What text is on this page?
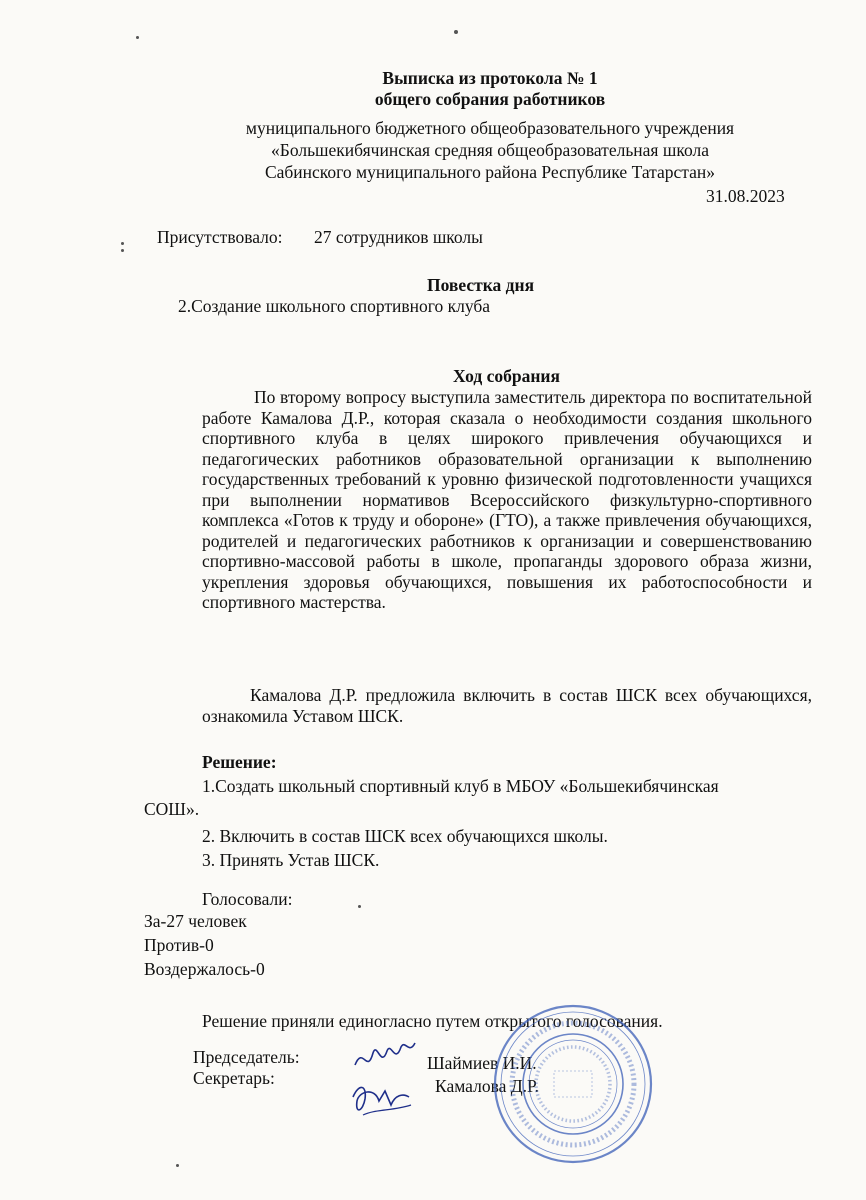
Выписка из протокола № 1
общего собрания работников
муниципального бюджетного общеобразовательного учреждения
«Большекибячинская средняя общеобразовательная школа
Сабинского муниципального района Республике Татарстан»
31.08.2023
Присутствовало: 27 сотрудников школы
Повестка дня
2.Создание школьного спортивного клуба
Ход собрания
По второму вопросу выступила заместитель директора по воспитательной работе Камалова Д.Р., которая сказала о необходимости создания школьного спортивного клуба в целях широкого привлечения обучающихся и педагогических работников образовательной организации к выполнению государственных требований к уровню физической подготовленности учащихся при выполнении нормативов Всероссийского физкультурно-спортивного комплекса «Готов к труду и обороне» (ГТО), а также привлечения обучающихся, родителей и педагогических работников к организации и совершенствованию спортивно-массовой работы в школе, пропаганды здорового образа жизни, укрепления здоровья обучающихся, повышения их работоспособности и спортивного мастерства.
Камалова Д.Р. предложила включить в состав ШСК всех обучающихся, ознакомила Уставом ШСК.
Решение:
1.Создать школьный спортивный клуб в МБОУ «Большекибячинская
СОШ».
2. Включить в состав ШСК всех обучающихся школы.
3. Принять Устав ШСК.
Голосовали:
За-27 человек
Против-0
Воздержалось-0
Решение приняли единогласно путем открытого голосования.
Председатель:	Шаймиев И.И.
Секретарь:	Камалова Д.Р.
